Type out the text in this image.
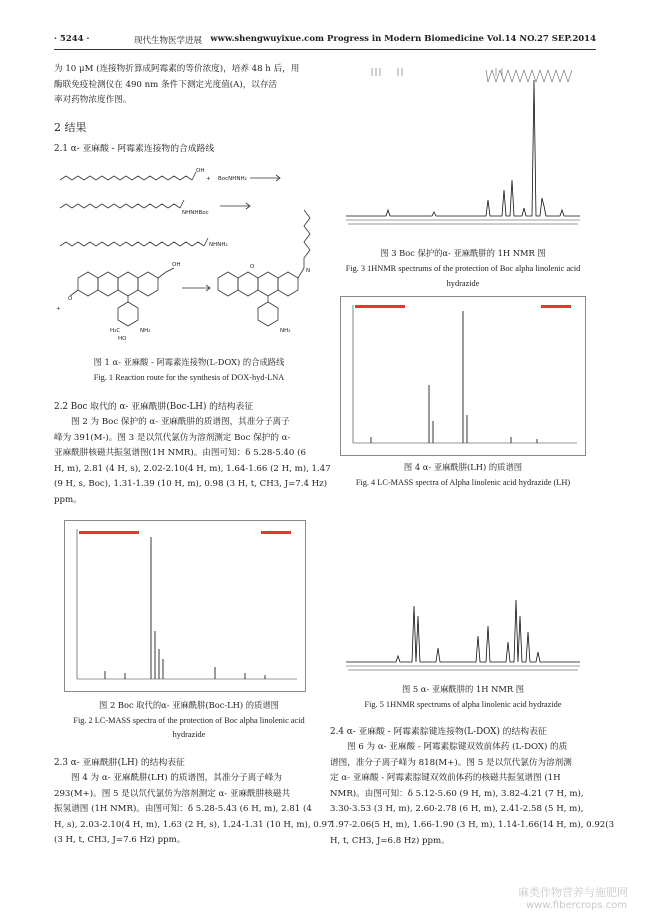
· 5244 ·	现代生物医学进展 www.shengwuyixue.com Progress in Modern Biomedicine Vol.14 NO.27 SEP.2014
为 10 μM (连接物折算成阿霉素的等价浓度)，培养 48 h 后，用
酶联免疫检测仪在 490 nm 条件下测定光度值(A)，以存活
率对药物浓度作图。
2 结果
2.1 α- 亚麻酸 - 阿霉素连接物的合成路线
OH
+ BocNHNH₂
NHNHBoc
NHNH₂
O
OH
NH₂
H₃C
HO
+
NH₂
N
O
图 1 α- 亚麻酸 - 阿霉素连接物(L-DOX) 的合成路线
Fig. 1 Reaction route for the synthesis of DOX-hyd-LNA
2.2 Boc 取代的 α- 亚麻酰肼(Boc-LH) 的结构表征
图 2 为 Boc 保护的 α- 亚麻酰肼的质谱图，其准分子离子
峰为 391(M-)。图 3 是以氘代氯仿为溶剂测定 Boc 保护的 α-
亚麻酰肼核磁共振氢谱图(1H NMR)。由图可知：δ 5.28-5.40 (6
H, m), 2.81 (4 H, s), 2.02-2.10(4 H, m), 1.64-1.66 (2 H, m), 1.47
(9 H, s, Boc), 1.31-1.39 (10 H, m), 0.98 (3 H, t, CH3, J=7.4 Hz)
ppm。
图 2 Boc 取代的α- 亚麻酰肼(Boc-LH) 的质谱图
Fig. 2 LC-MASS spectra of the protection of Boc alpha linolenic acid
hydrazide
2.3 α- 亚麻酰肼(LH) 的结构表征
图 4 为 α- 亚麻酰肼(LH) 的质谱图，其准分子离子峰为
293(M+)。图 5 是以氘代氯仿为溶剂测定 α- 亚麻酰肼核磁共
振氢谱图 (1H NMR)。由图可知：δ 5.28-5.43 (6 H, m), 2.81 (4
H, s), 2.03-2.10(4 H, m), 1.63 (2 H, s), 1.24-1.31 (10 H, m), 0.97
(3 H, t, CH3, J=7.6 Hz) ppm。
图 3 Boc 保护的α- 亚麻酰肼的 1H NMR 图
Fig. 3 1HNMR spectrums of the protection of Boc alpha linolenic acid
hydrazide
图 4 α- 亚麻酰肼(LH) 的质谱图
Fig. 4 LC-MASS spectra of Alpha linolenic acid hydrazide (LH)
图 5 α- 亚麻酰肼的 1H NMR 图
Fig. 5 1HNMR spectrums of alpha linolenic acid hydrazide
2.4 α- 亚麻酸 - 阿霉素腙键连接物(L-DOX) 的结构表征
图 6 为 α- 亚麻酸 - 阿霉素腙键双效前体药 (L-DOX) 的质
谱图，准分子离子峰为 818(M+)。图 5 是以氘代氯仿为溶剂测
定 α- 亚麻酸 - 阿霉素腙键双效前体药的核磁共振氢谱图 (1H
NMR)。由图可知：δ 5.12-5.60 (9 H, m), 3.82-4.21 (7 H, m),
3.30-3.53 (3 H, m), 2.60-2.78 (6 H, m), 2.41-2.58 (5 H, m),
1.97-2.06(5 H, m), 1.66-1.90 (3 H, m), 1.14-1.66(14 H, m), 0.92(3
H, t, CH3, J=6.8 Hz) ppm。
麻类作物营养与施肥网
www.fibercrops.com
